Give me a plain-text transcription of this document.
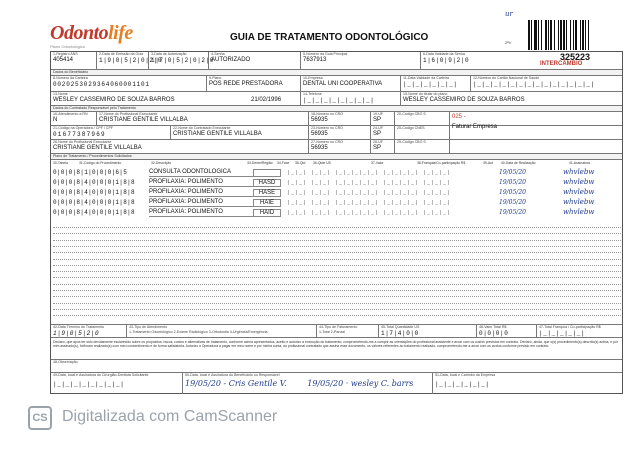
Odontolife
Plano Odontológico
GUIA DE TRATAMENTO ODONTOLÓGICO
ur
2ªV
325223
INTERCÂMBIO
1-Registro ANS
405414
2-Data de Emissão da Guia
1|9|0|5|2|0|2|0
3-Data de Autorização
1|7|0|5|2|0|2|0
4-Senha
AUTORIZADO
5-Número da Guia Principal
7637913
6-Data Validade da Senha
1|6|0|9|2|0
Dados do Beneficiário
8-Número da Carteira
0020253029364060001101
9-Plano
POS REDE PRESTADORA
10-Empresa
DENTAL UNI COOPERATIVA
11-Data Validade da Carteira
|_|_|_|_|_|_|
12-Número do Cartão Nacional de Saúde
|_|_|_|_|_|_|_|_|_|_|_|_|_|_|
13-Nome
WESLEY CASSEMIRO DE SOUZA BARROS	21/02/1996
14-Telefone
|_|_|_|_|_|_|_|_|
15-Nome do titular do plano
WESLEY CASSEMIRO DE SOUZA BARROS
Dados do Contratado Responsável pelo Tratamento
16-Atendimento a RN
N
17-Nome do Profissional Executante
CRISTIANE GENTILE VILLALBA
18-Número no CRO
56935
19-UF
SP
20-Código CBO S	025 -
21-Código na Operadora / CPF / CPF
01677387969
22-Nome do Contratado Executante
CRISTIANE GENTILE VILLALBA
23-Número no CRO
56935
24-UF
SP
25-Código CNES	Faturar Empresa
26-Nome do Profissional Executante
CRISTIANE GENTILE VILLALBA
27-Número no CRO
56935
28-UF
SP
29-Código CBO S
Plano de Tratamento / Procedimentos Solicitados
30-Tabela	31-Código do Procedimento	32-Descrição	33-Dente/Região 34-Face 35-Qtd 36-Qtde US	37-Valor	38-Franquia/Co-participação R$	39-Aut 40-Data de Realização	41-Assinatura
0|0|0|8|1|0|0|0|6|5	CONSULTA ODONTOLOGICA	|_|_| |_|_| |_|_|_|_|_| |_|_|_|_| |_|_|_|	19/05/20	whvlebw
0|0|0|8|4|0|0|0|1|8|8 PROFILAXIA: POLIMENTO	HASD	|_|_| |_|_| |_|_|_|_|_| |_|_|_|_| |_|_|_|	19/05/20	whvlebw
0|0|0|8|4|0|0|0|1|8|8 PROFILAXIA: POLIMENTO	HASE	|_|_| |_|_| |_|_|_|_|_| |_|_|_|_| |_|_|_|	19/05/20	whvlebw
0|0|0|8|4|0|0|0|1|8|8 PROFILAXIA: POLIMENTO	HAIE	|_|_| |_|_| |_|_|_|_|_| |_|_|_|_| |_|_|_|	19/05/20	whvlebw
0|0|0|8|4|0|0|0|1|8|8 PROFILAXIA: POLIMENTO	HAID	|_|_| |_|_| |_|_|_|_|_| |_|_|_|_| |_|_|_|	19/05/20	whvlebw
42-Data Término do Tratamento
1|9|0|5|2|0
43-Tipo de Atendimento
1-Tratamento Odontológico 2-Exame Radiológico 3-Ortodontia 4-Urgência/Emergência
44-Tipo de Faturamento
1-Total 2-Parcial
45-Total Quantidade US
1|7|4|0|0
46-Valor Total R$
0|0|0|0
47-Total Franquia / Co-participação R$
|_|_|_|_|_|
Declaro, que após ter sido devidamente esclarecido sobre os propósitos, riscos, custos e alternativas de tratamento, conforme acima apresentados, aceito e autorizo a execução do tratamento, comprometendo-me a cumprir as orientações do profissional assistente e arcar com os custos previstos em contrato. Declaro, ainda, que o(s) procedimento(s) descrito(s) acima, e por mim assinado(s), foi/foram realizado(s) com meu consentimento e de forma satisfatória. Autorizo a Operadora a pagar em meu nome e por minha conta, ao profissional contratado que assina esse documento, os valores referentes ao tratamento realizado, comprometendo-me a arcar com os custos conforme previsto em contrato.
48-Observação
49-Data, local e Assinatura do Cirurgião-Dentista Solicitante
|_|_|_|_|_|_|_|_|
50-Data, local e Assinatura do Beneficiário ou Responsável
19/05/20 - Cris Gentile V.	19/05/20 · wesley C. barrs
51-Data, local e Carimbo da Empresa
|_|_|_|_|_|_|
CS Digitalizada com CamScanner
